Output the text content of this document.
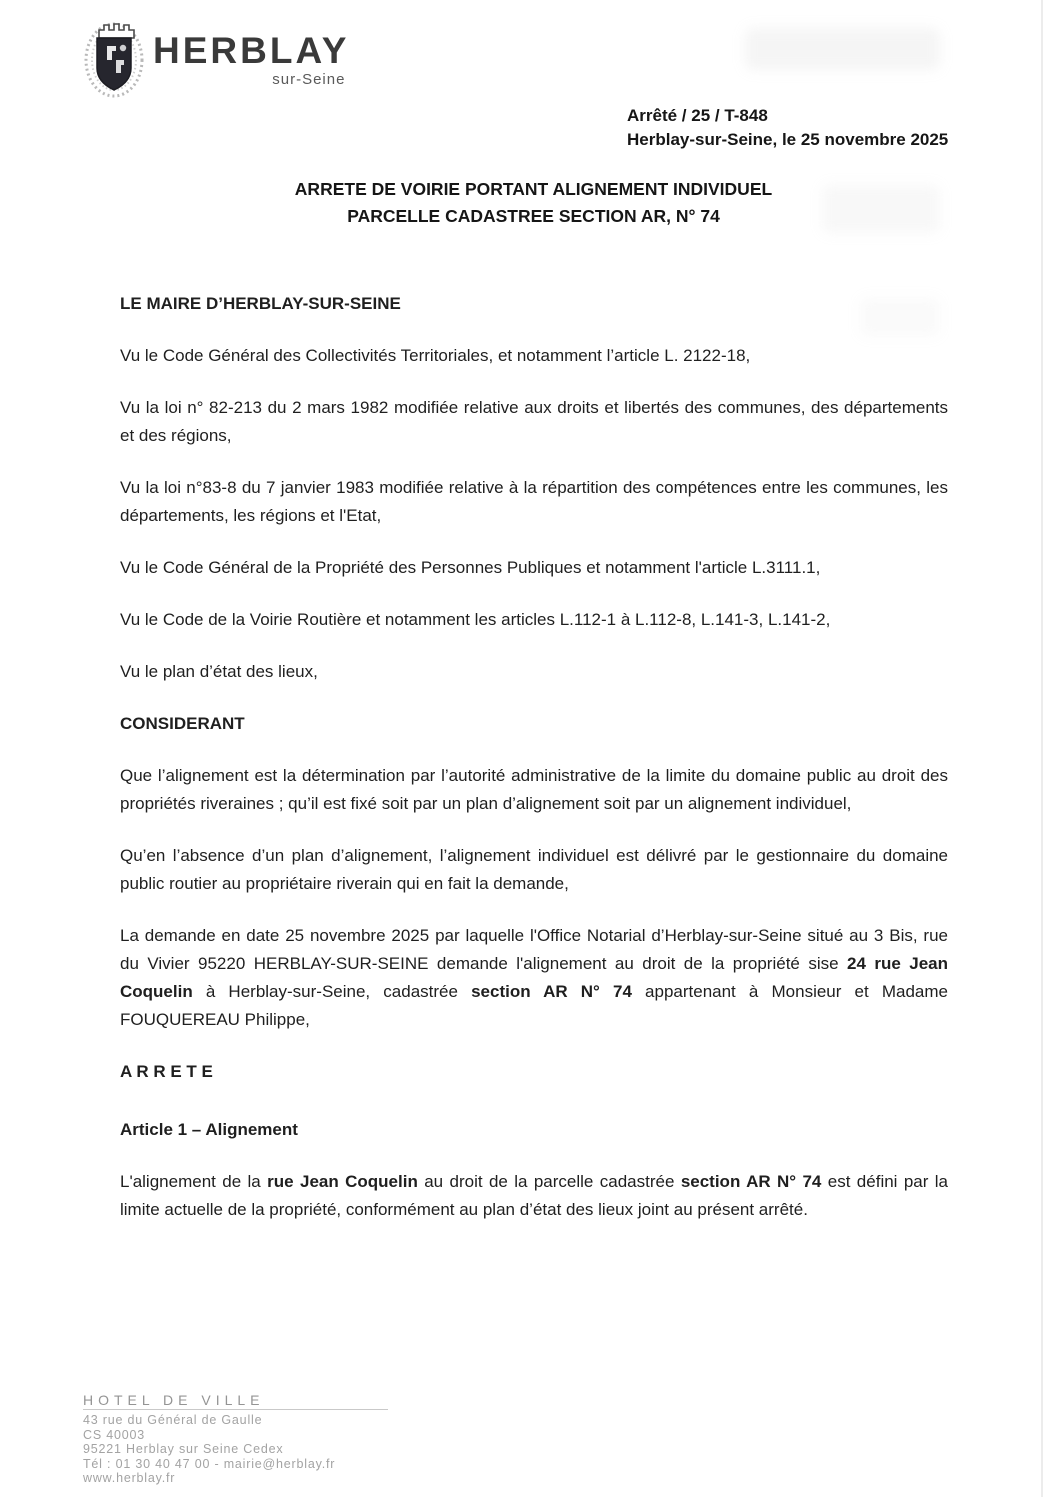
HERBLAY
sur-Seine
Arrêté / 25 / T-848
Herblay-sur-Seine, le 25 novembre 2025
ARRETE DE VOIRIE PORTANT ALIGNEMENT INDIVIDUEL
PARCELLE CADASTREE SECTION AR, N° 74
LE MAIRE D’HERBLAY-SUR-SEINE

Vu le Code Général des Collectivités Territoriales, et notamment l’article L. 2122-18,

Vu la loi n° 82-213 du 2 mars 1982 modifiée relative aux droits et libertés des communes, des départements et des régions,

Vu la loi n°83-8 du 7 janvier 1983 modifiée relative à la répartition des compétences entre les communes, les départements, les régions et l'Etat,

Vu le Code Général de la Propriété des Personnes Publiques et notamment l'article L.3111.1,

Vu le Code de la Voirie Routière et notamment les articles L.112-1 à L.112-8, L.141-3, L.141-2,

Vu le plan d’état des lieux,

CONSIDERANT

Que l’alignement est la détermination par l’autorité administrative de la limite du domaine public au droit des propriétés riveraines ; qu’il est fixé soit par un plan d’alignement soit par un alignement individuel,

Qu’en l’absence d’un plan d’alignement, l’alignement individuel est délivré par le gestionnaire du domaine public routier au propriétaire riverain qui en fait la demande,

La demande en date 25 novembre 2025 par laquelle l'Office Notarial d’Herblay-sur-Seine situé au 3 Bis, rue du Vivier 95220 HERBLAY-SUR-SEINE demande l'alignement au droit de la propriété sise 24 rue Jean Coquelin à Herblay-sur-Seine, cadastrée section AR N° 74 appartenant à Monsieur et Madame FOUQUEREAU Philippe,

A R R E T E
Article 1 – Alignement

L'alignement de la rue Jean Coquelin au droit de la parcelle cadastrée section AR N° 74 est défini par la limite actuelle de la propriété, conformément au plan d’état des lieux joint au présent arrêté.

HOTEL DE VILLE
43 rue du Général de Gaulle
CS 40003
95221 Herblay sur Seine Cedex
Tél : 01 30 40 47 00 - mairie@herblay.fr
www.herblay.fr
